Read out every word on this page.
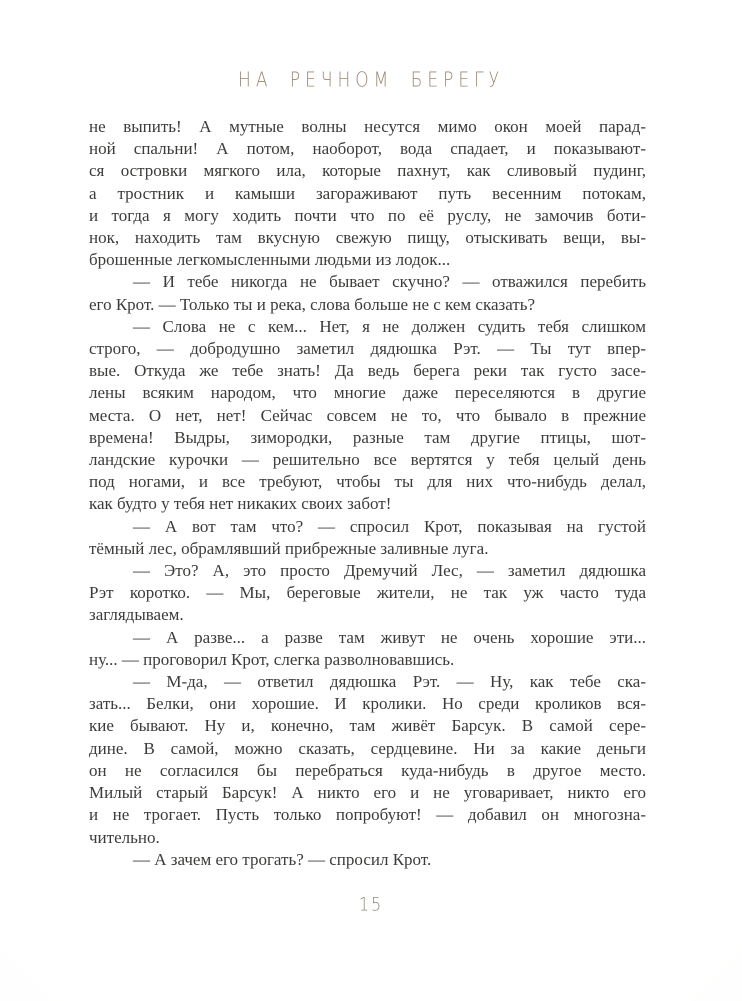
НА РЕЧНОМ БЕРЕГУ
не выпить! А мутные волны несутся мимо окон моей парад-
ной спальни! А потом, наоборот, вода спадает, и показывают-
ся островки мягкого ила, которые пахнут, как сливовый пудинг,
а тростник и камыши загораживают путь весенним потокам,
и тогда я могу ходить почти что по её руслу, не замочив боти-
нок, находить там вкусную свежую пищу, отыскивать вещи, вы-
брошенные легкомысленными людьми из лодок...
— И тебе никогда не бывает скучно? — отважился перебить
его Крот. — Только ты и река, слова больше не с кем сказать?
— Слова не с кем... Нет, я не должен судить тебя слишком
строго, — добродушно заметил дядюшка Рэт. — Ты тут впер-
вые. Откуда же тебе знать! Да ведь берега реки так густо засе-
лены всяким народом, что многие даже переселяются в другие
места. О нет, нет! Сейчас совсем не то, что бывало в прежние
времена! Выдры, зимородки, разные там другие птицы, шот-
ландские курочки — решительно все вертятся у тебя целый день
под ногами, и все требуют, чтобы ты для них что-нибудь делал,
как будто у тебя нет никаких своих забот!
— А вот там что? — спросил Крот, показывая на густой
тёмный лес, обрамлявший прибрежные заливные луга.
— Это? А, это просто Дремучий Лес, — заметил дядюшка
Рэт коротко. — Мы, береговые жители, не так уж часто туда
заглядываем.
— А разве... а разве там живут не очень хорошие эти...
ну... — проговорил Крот, слегка разволновавшись.
— М-да, — ответил дядюшка Рэт. — Ну, как тебе ска-
зать... Белки, они хорошие. И кролики. Но среди кроликов вся-
кие бывают. Ну и, конечно, там живёт Барсук. В самой сере-
дине. В самой, можно сказать, сердцевине. Ни за какие деньги
он не согласился бы перебраться куда-нибудь в другое место.
Милый старый Барсук! А никто его и не уговаривает, никто его
и не трогает. Пусть только попробуют! — добавил он многозна-
чительно.
— А зачем его трогать? — спросил Крот.
15
